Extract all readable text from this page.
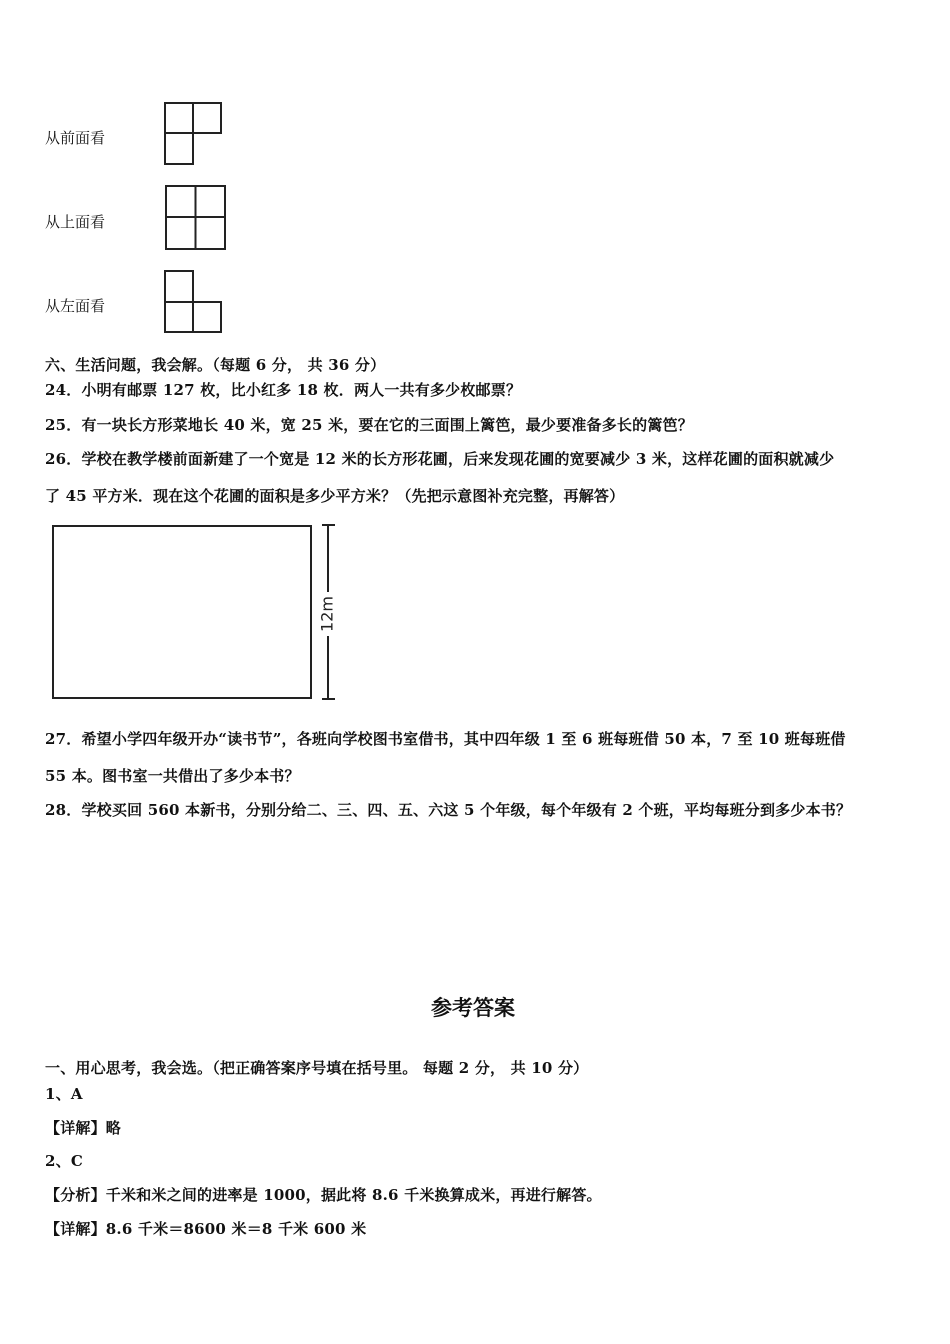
从前面看
从上面看
从左面看
六、生活问题，我会解。（每题 6 分， 共 36 分）
24．小明有邮票 127 枚，比小红多 18 枚．两人一共有多少枚邮票？
25．有一块长方形菜地长 40 米，宽 25 米，要在它的三面围上篱笆，最少要准备多长的篱笆？
26．学校在教学楼前面新建了一个宽是 12 米的长方形花圃，后来发现花圃的宽要减少 3 米，这样花圃的面积就减少
了 45 平方米．现在这个花圃的面积是多少平方米？（先把示意图补充完整，再解答）
12m
27．希望小学四年级开办“读书节”，各班向学校图书室借书，其中四年级 1 至 6 班每班借 50 本，7 至 10 班每班借
55 本。图书室一共借出了多少本书？
28．学校买回 560 本新书，分别分给二、三、四、五、六这 5 个年级，每个年级有 2 个班，平均每班分到多少本书？
参考答案
一、用心思考，我会选。（把正确答案序号填在括号里。 每题 2 分， 共 10 分）
1、A
【详解】略
2、C
【分析】千米和米之间的进率是 1000，据此将 8.6 千米换算成米，再进行解答。
【详解】8.6 千米＝8600 米＝8 千米 600 米
